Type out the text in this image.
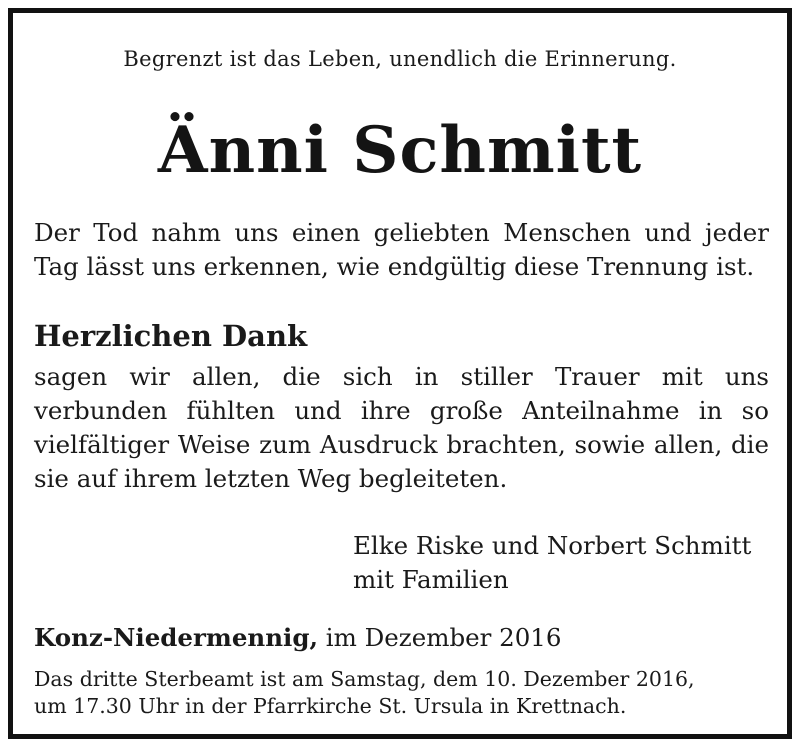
Begrenzt ist das Leben, unendlich die Erinnerung.
Änni Schmitt
Der Tod nahm uns einen geliebten Menschen und jeder Tag lässt uns erkennen, wie endgültig diese Trennung ist.
Herzlichen Dank
sagen wir allen, die sich in stiller Trauer mit uns verbunden fühlten und ihre große Anteilnahme in so vielfältiger Weise zum Ausdruck brachten, sowie allen, die sie auf ihrem letzten Weg begleiteten.
Elke Riske und Norbert Schmitt
mit Familien
Konz-Niedermennig, im Dezember 2016
Das dritte Sterbeamt ist am Samstag, dem 10. Dezember 2016,
um 17.30 Uhr in der Pfarrkirche St. Ursula in Krettnach.
